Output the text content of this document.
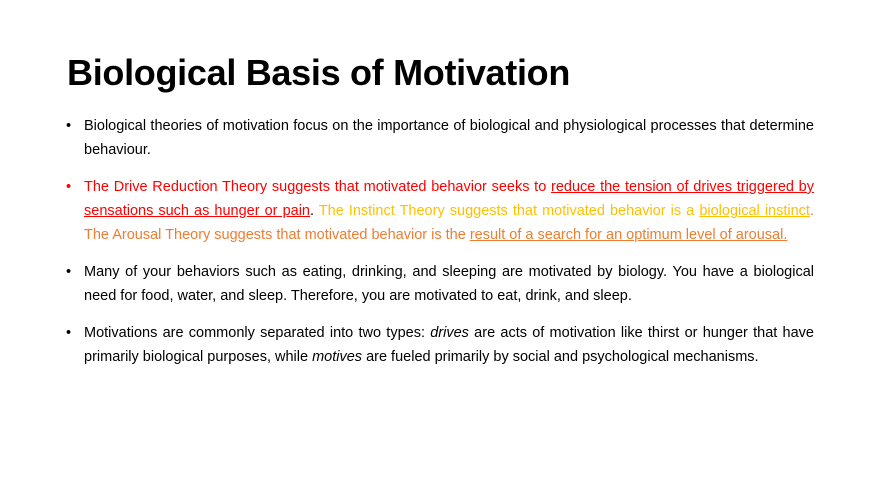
Biological Basis of Motivation
• Biological theories of motivation focus on the importance of biological and physiological processes that determine behaviour.
• The Drive Reduction Theory suggests that motivated behavior seeks to reduce the tension of drives triggered by sensations such as hunger or pain. The Instinct Theory suggests that motivated behavior is a biological instinct. The Arousal Theory suggests that motivated behavior is the result of a search for an optimum level of arousal.
• Many of your behaviors such as eating, drinking, and sleeping are motivated by biology. You have a biological need for food, water, and sleep. Therefore, you are motivated to eat, drink, and sleep.
• Motivations are commonly separated into two types: drives are acts of motivation like thirst or hunger that have primarily biological purposes, while motives are fueled primarily by social and psychological mechanisms.
